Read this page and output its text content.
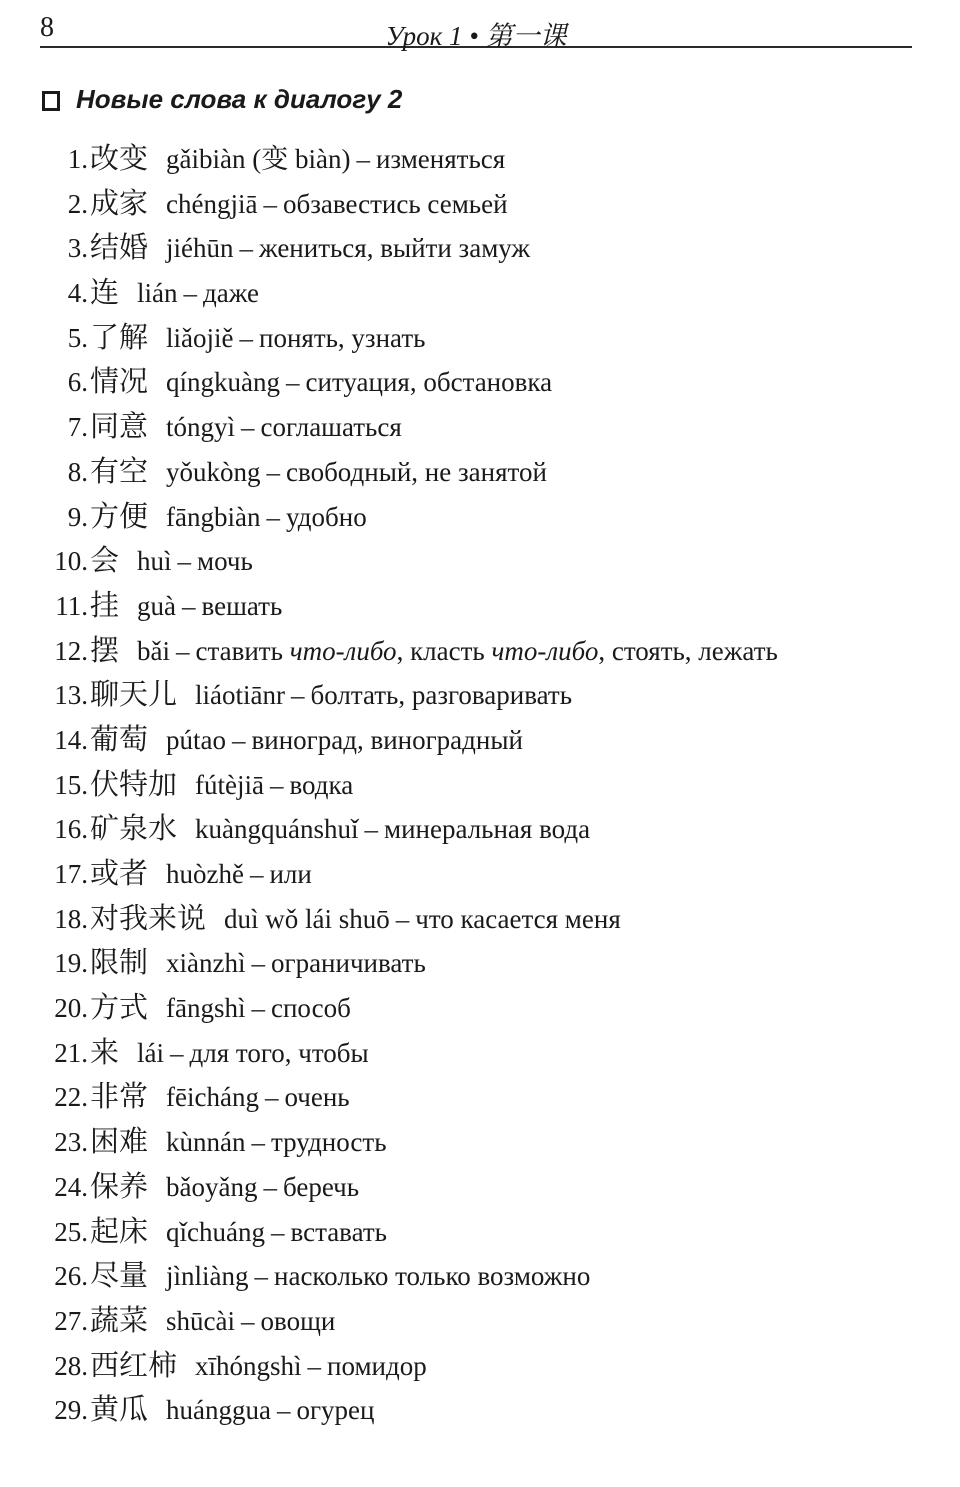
8	Урок 1 • 第一课
Новые слова к диалогу 2
1. 改变 gǎibiàn (变 biàn) – изменяться
2. 成家 chéngjiā – обзавестись семьей
3. 结婚 jiéhūn – жениться, выйти замуж
4. 连 lián – даже
5. 了解 liǎojiě – понять, узнать
6. 情况 qíngkuàng – ситуация, обстановка
7. 同意 tóngyì – соглашаться
8. 有空 yǒukòng – свободный, не занятой
9. 方便 fāngbiàn – удобно
10. 会 huì – мочь
11. 挂 guà – вешать
12. 摆 bǎi – ставить что-либо, класть что-либо, стоять, лежать
13. 聊天儿 liáotiānr – болтать, разговаривать
14. 葡萄 pútao – виноград, виноградный
15. 伏特加 fútèjiā – водка
16. 矿泉水 kuàngquánshuǐ – минеральная вода
17. 或者 huòzhě – или
18. 对我来说 duì wǒ lái shuō – что касается меня
19. 限制 xiànzhì – ограничивать
20. 方式 fāngshì – способ
21. 来 lái – для того, чтобы
22. 非常 fēicháng – очень
23. 困难 kùnnán – трудность
24. 保养 bǎoyǎng – беречь
25. 起床 qǐchuáng – вставать
26. 尽量 jìnliàng – насколько только возможно
27. 蔬菜 shūcài – овощи
28. 西红柿 xīhóngshì – помидор
29. 黄瓜 huánggua – огурец
